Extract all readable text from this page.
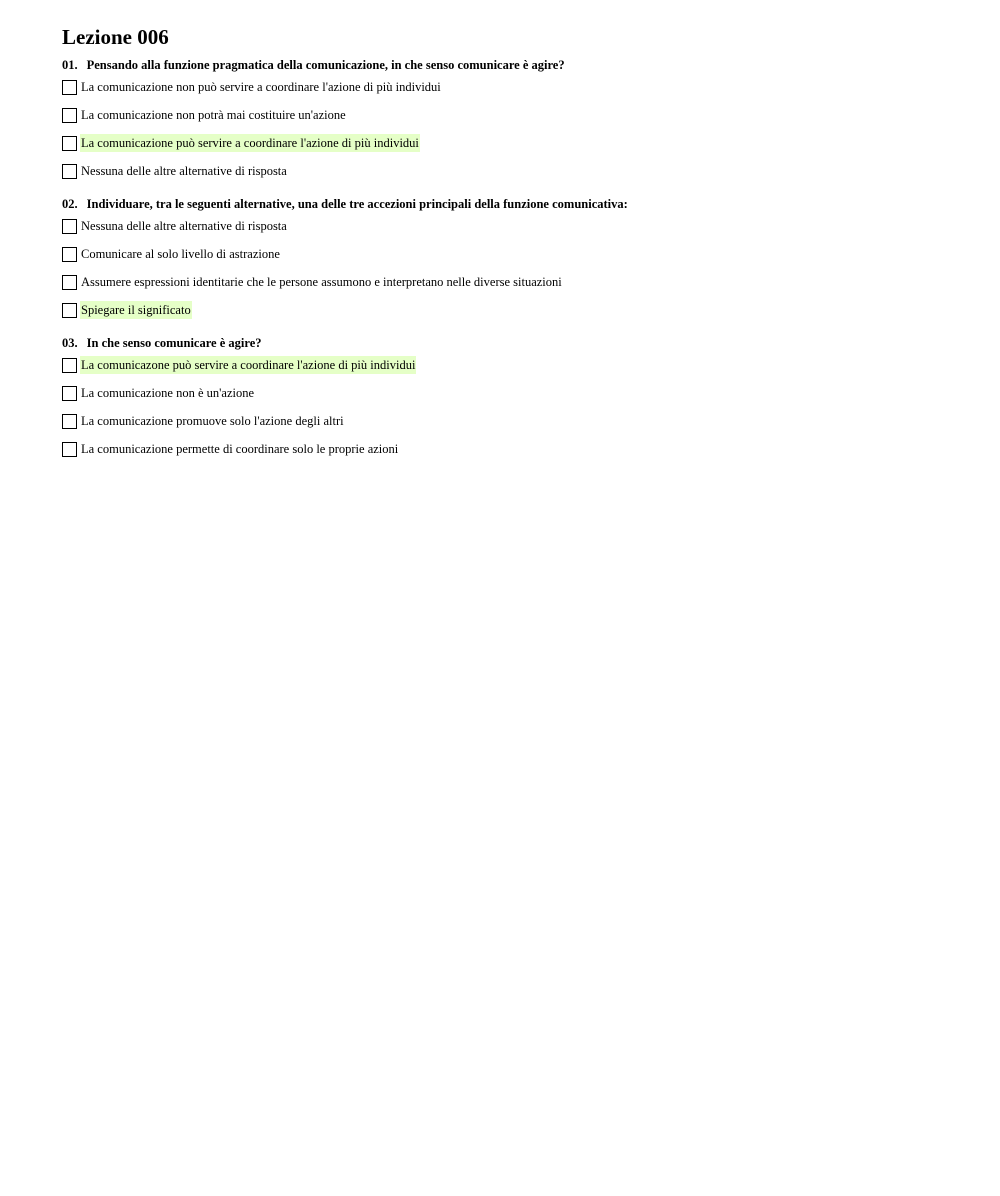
Lezione 006
01. Pensando alla funzione pragmatica della comunicazione, in che senso comunicare è agire?
La comunicazione non può servire a coordinare l'azione di più individui
La comunicazione non potrà mai costituire un'azione
La comunicazione può servire a coordinare l'azione di più individui
Nessuna delle altre alternative di risposta
02. Individuare, tra le seguenti alternative, una delle tre accezioni principali della funzione comunicativa:
Nessuna delle altre alternative di risposta
Comunicare al solo livello di astrazione
Assumere espressioni identitarie che le persone assumono e interpretano nelle diverse situazioni
Spiegare il significato
03. In che senso comunicare è agire?
La comunicazone può servire a coordinare l'azione di più individui
La comunicazione non è un'azione
La comunicazione promuove solo l'azione degli altri
La comunicazione permette di coordinare solo le proprie azioni
